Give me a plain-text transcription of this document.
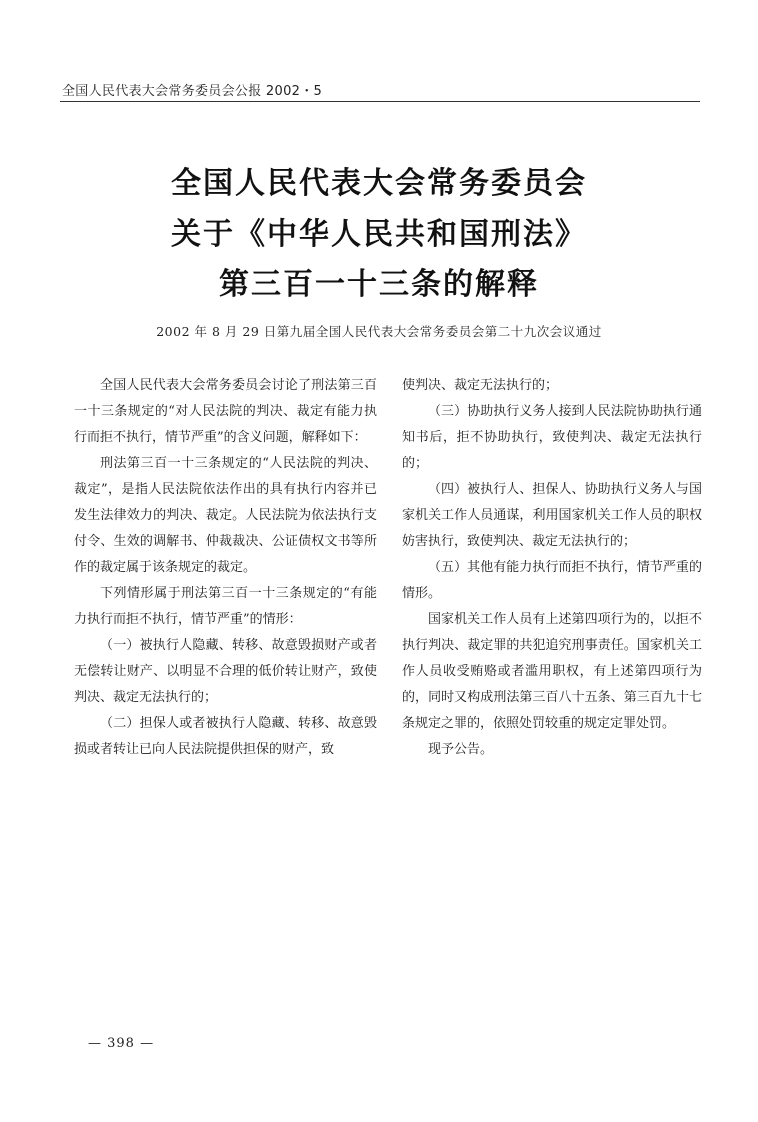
全国人民代表大会常务委员会公报 2002・5
全国人民代表大会常务委员会
关于《中华人民共和国刑法》
第三百一十三条的解释
2002 年 8 月 29 日第九届全国人民代表大会常务委员会第二十九次会议通过

全国人民代表大会常务委员会讨论了刑法第三百一十三条规定的“对人民法院的判决、裁定有能力执行而拒不执行，情节严重”的含义问题，解释如下：

刑法第三百一十三条规定的“人民法院的判决、裁定”，是指人民法院依法作出的具有执行内容并已发生法律效力的判决、裁定。人民法院为依法执行支付令、生效的调解书、仲裁裁决、公证债权文书等所作的裁定属于该条规定的裁定。

下列情形属于刑法第三百一十三条规定的“有能力执行而拒不执行，情节严重”的情形：

（一）被执行人隐藏、转移、故意毁损财产或者无偿转让财产、以明显不合理的低价转让财产，致使判决、裁定无法执行的；

（二）担保人或者被执行人隐藏、转移、故意毁损或者转让已向人民法院提供担保的财产，致

使判决、裁定无法执行的；

（三）协助执行义务人接到人民法院协助执行通知书后，拒不协助执行，致使判决、裁定无法执行的；

（四）被执行人、担保人、协助执行义务人与国家机关工作人员通谋，利用国家机关工作人员的职权妨害执行，致使判决、裁定无法执行的；

（五）其他有能力执行而拒不执行，情节严重的情形。

国家机关工作人员有上述第四项行为的，以拒不执行判决、裁定罪的共犯追究刑事责任。国家机关工作人员收受贿赂或者滥用职权，有上述第四项行为的，同时又构成刑法第三百八十五条、第三百九十七条规定之罪的，依照处罚较重的规定定罪处罚。

现予公告。

— 398 —
